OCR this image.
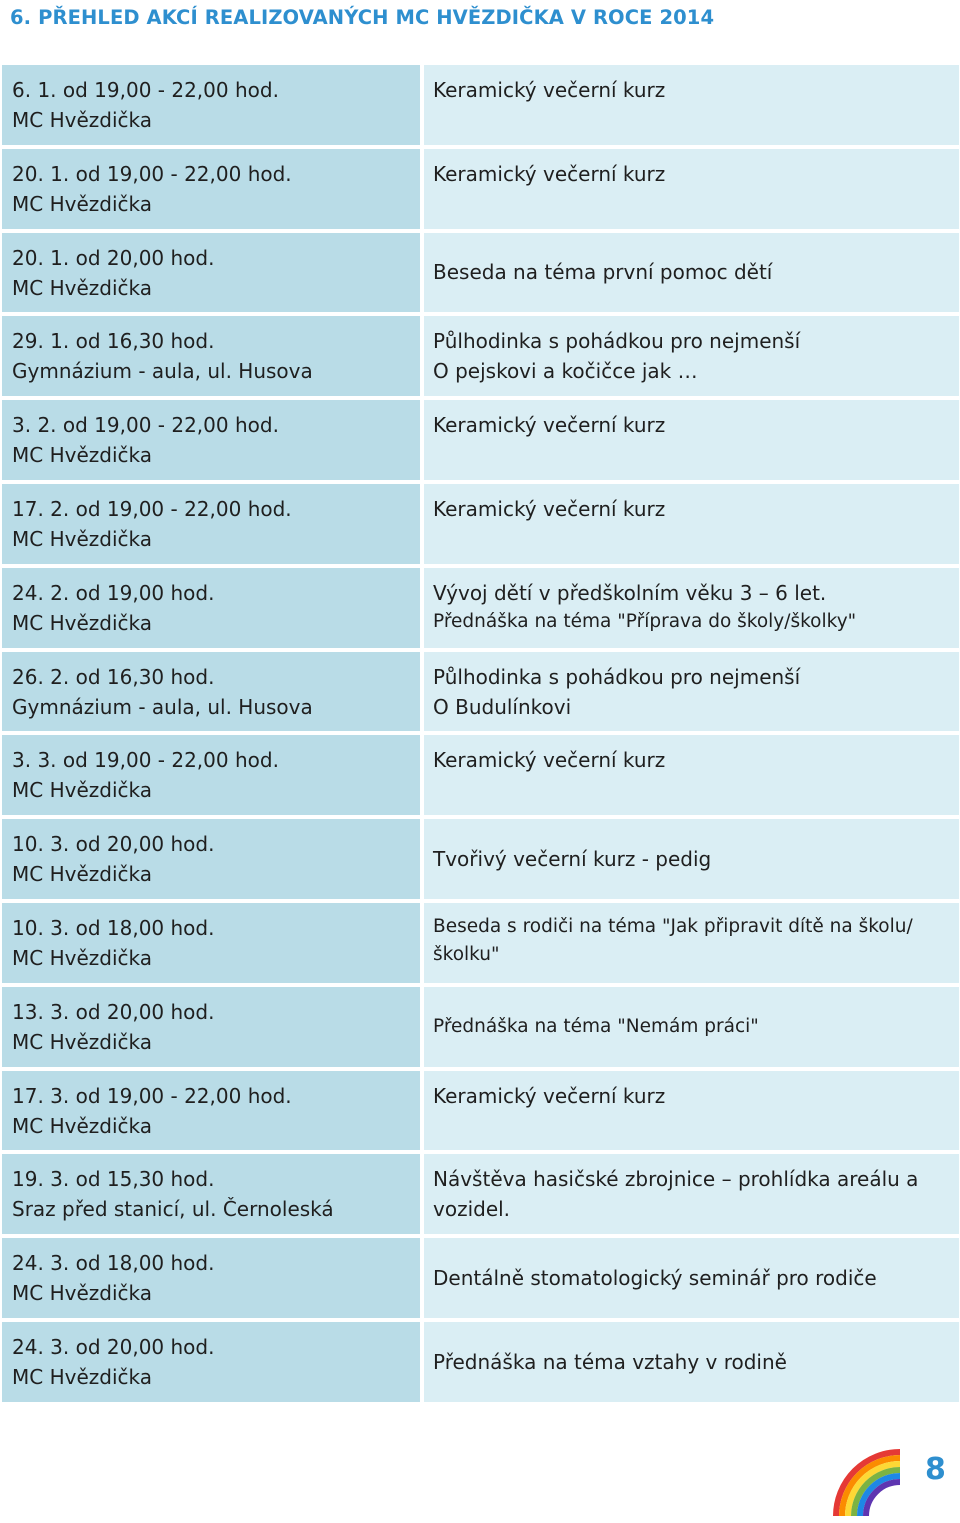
6. PŘEHLED AKCÍ REALIZOVANÝCH MC HVĚZDIČKA V ROCE 2014
6. 1. od 19,00 - 22,00 hod.
MC Hvězdička
Keramický večerní kurz
20. 1. od 19,00 - 22,00 hod.
MC Hvězdička
Keramický večerní kurz
20. 1. od 20,00 hod.
MC Hvězdička
Beseda na téma první pomoc dětí
29. 1. od 16,30 hod.
Gymnázium - aula, ul. Husova
Půlhodinka s pohádkou pro nejmenší
O pejskovi a kočičce jak …
3. 2. od 19,00 - 22,00 hod.
MC Hvězdička
Keramický večerní kurz
17. 2. od 19,00 - 22,00 hod.
MC Hvězdička
Keramický večerní kurz
24. 2. od 19,00 hod.
MC Hvězdička
Vývoj dětí v předškolním věku 3 – 6 let.
Přednáška na téma "Příprava do školy/školky"
26. 2. od 16,30 hod.
Gymnázium - aula, ul. Husova
Půlhodinka s pohádkou pro nejmenší
O Budulínkovi
3. 3. od 19,00 - 22,00 hod.
MC Hvězdička
Keramický večerní kurz
10. 3. od 20,00 hod.
MC Hvězdička
Tvořivý večerní kurz - pedig
10. 3. od 18,00 hod.
MC Hvězdička
Beseda s rodiči na téma "Jak připravit dítě na školu/školku"
13. 3. od 20,00 hod.
MC Hvězdička
Přednáška na téma "Nemám práci"
17. 3. od 19,00 - 22,00 hod.
MC Hvězdička
Keramický večerní kurz
19. 3. od 15,30 hod.
Sraz před stanicí, ul. Černoleská
Návštěva hasičské zbrojnice – prohlídka areálu a vozidel.
24. 3. od 18,00 hod.
MC Hvězdička
Dentálně stomatologický seminář pro rodiče
24. 3. od 20,00 hod.
MC Hvězdička
Přednáška na téma vztahy v rodině
8
